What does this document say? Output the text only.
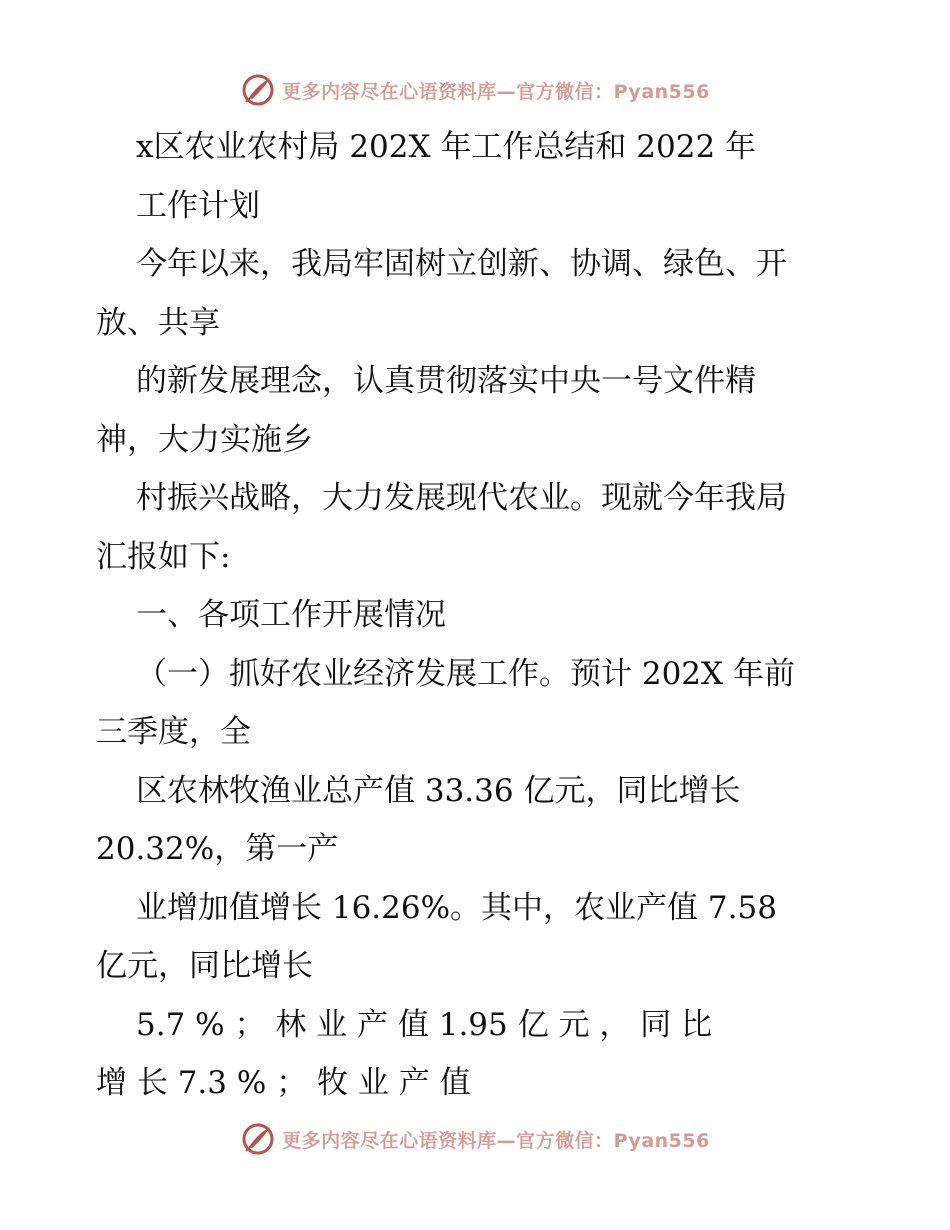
更多内容尽在心语资料库—官方微信：Pyan556
x区农业农村局 202X 年工作总结和 2022 年
工作计划
今年以来，我局牢固树立创新、协调、绿色、开
放、共享
的新发展理念，认真贯彻落实中央一号文件精
神，大力实施乡
村振兴战略，大力发展现代农业。现就今年我局
汇报如下:
一、各项工作开展情况
（一）抓好农业经济发展工作。预计 202X 年前
三季度，全
区农林牧渔业总产值 33.36 亿元，同比增长
20.32%，第一产
业增加值增长 16.26%。其中，农业产值 7.58
亿元，同比增长
5.7 % ； 林 业 产 值 1.95 亿 元 ， 同 比
增 长 7.3 % ； 牧 业 产 值
更多内容尽在心语资料库—官方微信：Pyan556
